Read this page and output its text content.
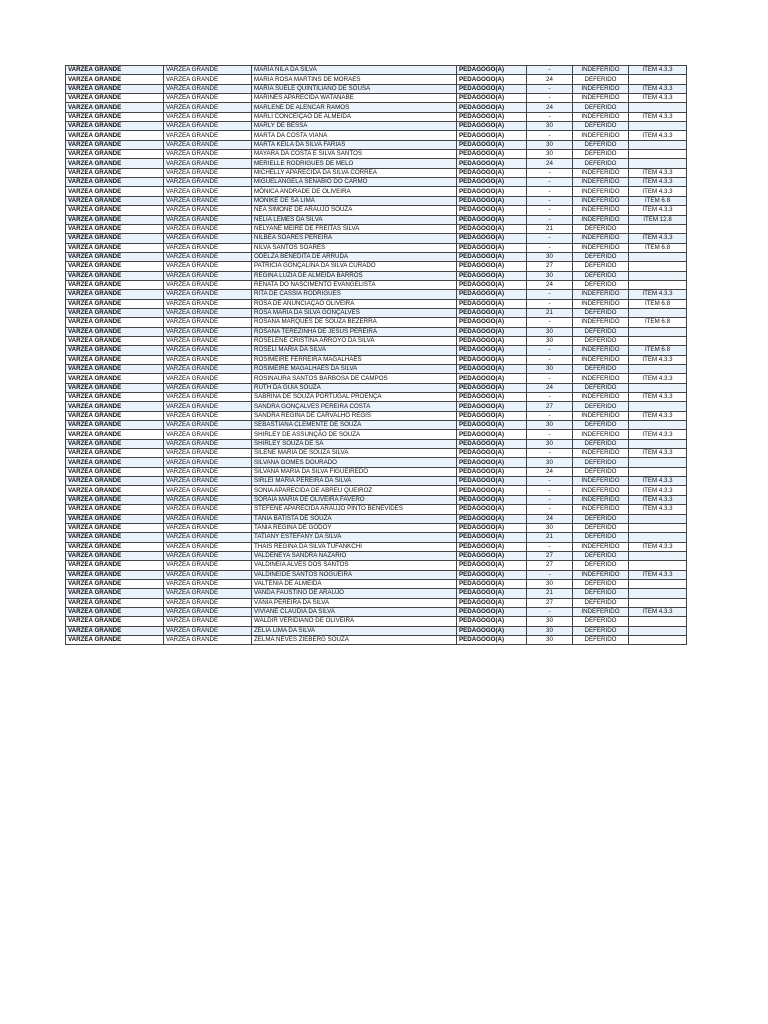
VARZEA GRANDE	VARZEA GRANDE	MARIA NILA DA SILVA	PEDAGOGO(A)	-	INDEFERIDO	ITEM 4.3.3
VARZEA GRANDE	VARZEA GRANDE	MARIA ROSA MARTINS DE MORAES	PEDAGOGO(A)	24	DEFERIDO	
VARZEA GRANDE	VARZEA GRANDE	MARIA SUELE QUINTILIANO DE SOUSA	PEDAGOGO(A)	-	INDEFERIDO	ITEM 4.3.3
VARZEA GRANDE	VARZEA GRANDE	MARINÊS APARECIDA WATANABE	PEDAGOGO(A)	-	INDEFERIDO	ITEM 4.3.3
VARZEA GRANDE	VARZEA GRANDE	MARLENE DE ALENCAR RAMOS	PEDAGOGO(A)	24	DEFERIDO	
VARZEA GRANDE	VARZEA GRANDE	MARLI CONCEIÇÃO DE ALMEIDA	PEDAGOGO(A)	-	INDEFERIDO	ITEM 4.3.3
VARZEA GRANDE	VARZEA GRANDE	MARLY DE BESSA	PEDAGOGO(A)	30	DEFERIDO	
VARZEA GRANDE	VARZEA GRANDE	MARTA DA COSTA VIANA	PEDAGOGO(A)	-	INDEFERIDO	ITEM 4.3.3
VARZEA GRANDE	VARZEA GRANDE	MARTA KEILA DA SILVA FARIAS	PEDAGOGO(A)	30	DEFERIDO	
VARZEA GRANDE	VARZEA GRANDE	MAYARA DA COSTA E SILVA SANTOS	PEDAGOGO(A)	30	DEFERIDO	
VARZEA GRANDE	VARZEA GRANDE	MERIELLE RODRIGUES DE MELO	PEDAGOGO(A)	24	DEFERIDO	
VARZEA GRANDE	VARZEA GRANDE	MICHELLY APARECIDA DA SILVA CORREA	PEDAGOGO(A)	-	INDEFERIDO	ITEM 4.3.3
VARZEA GRANDE	VARZEA GRANDE	MIGUELANGELA SENABIO DO CARMO	PEDAGOGO(A)	-	INDEFERIDO	ITEM 4.3.3
VARZEA GRANDE	VARZEA GRANDE	MÔNICA ANDRADE DE OLIVEIRA	PEDAGOGO(A)	-	INDEFERIDO	ITEM 4.3.3
VARZEA GRANDE	VARZEA GRANDE	MONIKE DE SÁ LIMA	PEDAGOGO(A)	-	INDEFERIDO	ITEM 6.8
VARZEA GRANDE	VARZEA GRANDE	NÉA SIMONE DE ARAUJO SOUZA	PEDAGOGO(A)	-	INDEFERIDO	ITEM 4.3.3
VARZEA GRANDE	VARZEA GRANDE	NELIA LEMES DA SILVA	PEDAGOGO(A)	-	INDEFERIDO	ITEM 12.8
VARZEA GRANDE	VARZEA GRANDE	NELYANE MEIRE DE FREITAS SILVA	PEDAGOGO(A)	21	DEFERIDO	
VARZEA GRANDE	VARZEA GRANDE	NILBEA SOARES PEREIRA	PEDAGOGO(A)	-	INDEFERIDO	ITEM 4.3.3
VARZEA GRANDE	VARZEA GRANDE	NILVA SANTOS SOARES	PEDAGOGO(A)	-	INDEFERIDO	ITEM 6.8
VARZEA GRANDE	VARZEA GRANDE	ODELZA BENEDITA DE ARRUDA	PEDAGOGO(A)	30	DEFERIDO	
VARZEA GRANDE	VARZEA GRANDE	PATRICIA GONÇALINA DA SILVA CURADO	PEDAGOGO(A)	27	DEFERIDO	
VARZEA GRANDE	VARZEA GRANDE	REGINA LUZIA DE ALMEIDA BARROS	PEDAGOGO(A)	30	DEFERIDO	
VARZEA GRANDE	VARZEA GRANDE	RENATA DO NASCIMENTO EVANGELISTA	PEDAGOGO(A)	24	DEFERIDO	
VARZEA GRANDE	VARZEA GRANDE	RITA DE CASSIA RODRIGUES	PEDAGOGO(A)	-	INDEFERIDO	ITEM 4.3.3
VARZEA GRANDE	VARZEA GRANDE	ROSA DE ANUNCIAÇÃO OLIVEIRA	PEDAGOGO(A)	-	INDEFERIDO	ITEM 6.8
VARZEA GRANDE	VARZEA GRANDE	ROSA MARIA DA SILVA GONÇALVES	PEDAGOGO(A)	21	DEFERIDO	
VARZEA GRANDE	VARZEA GRANDE	ROSANA MARQUES DE SOUZA BEZERRA	PEDAGOGO(A)	-	INDEFERIDO	ITEM 6.8
VARZEA GRANDE	VARZEA GRANDE	ROSANA TEREZINHA DE JESUS PEREIRA	PEDAGOGO(A)	30	DEFERIDO	
VARZEA GRANDE	VARZEA GRANDE	ROSELENE CRISTINA ARROYO DA SILVA	PEDAGOGO(A)	30	DEFERIDO	
VARZEA GRANDE	VARZEA GRANDE	ROSELI MARIA DA SILVA	PEDAGOGO(A)	-	INDEFERIDO	ITEM 6.8
VARZEA GRANDE	VARZEA GRANDE	ROSIMEIRE FERREIRA MAGALHÃES	PEDAGOGO(A)	-	INDEFERIDO	ITEM 4.3.3
VARZEA GRANDE	VARZEA GRANDE	ROSIMEIRE MAGALHÃES DA SILVA	PEDAGOGO(A)	30	DEFERIDO	
VARZEA GRANDE	VARZEA GRANDE	ROSINAURA SANTOS BARBOSA DE CAMPOS	PEDAGOGO(A)	-	INDEFERIDO	ITEM 4.3.3
VARZEA GRANDE	VARZEA GRANDE	RUTH DA GUIA SOUZA	PEDAGOGO(A)	24	DEFERIDO	
VARZEA GRANDE	VARZEA GRANDE	SABRINA DE SOUZA PORTUGAL PROENÇA	PEDAGOGO(A)	-	INDEFERIDO	ITEM 4.3.3
VARZEA GRANDE	VARZEA GRANDE	SANDRA GONÇALVES PEREIRA COSTA	PEDAGOGO(A)	27	DEFERIDO	
VARZEA GRANDE	VARZEA GRANDE	SANDRA REGINA DE CARVALHO REGIS	PEDAGOGO(A)	-	INDEFERIDO	ITEM 4.3.3
VARZEA GRANDE	VARZEA GRANDE	SEBASTIANA CLEMENTE DE SOUZA	PEDAGOGO(A)	30	DEFERIDO	
VARZEA GRANDE	VARZEA GRANDE	SHIRLEY DE ASSUNÇÃO DE SOUZA	PEDAGOGO(A)	-	INDEFERIDO	ITEM 4.3.3
VARZEA GRANDE	VARZEA GRANDE	SHIRLEY SOUZA DE SÁ	PEDAGOGO(A)	30	DEFERIDO	
VARZEA GRANDE	VARZEA GRANDE	SILENE MARIA DE SOUZA SILVA	PEDAGOGO(A)	-	INDEFERIDO	ITEM 4.3.3
VARZEA GRANDE	VARZEA GRANDE	SILVANA GOMES DOURADO	PEDAGOGO(A)	30	DEFERIDO	
VARZEA GRANDE	VARZEA GRANDE	SILVANA MARIA DA SILVA FIGUEIREDO	PEDAGOGO(A)	24	DEFERIDO	
VARZEA GRANDE	VARZEA GRANDE	SIRLEI MARIA PEREIRA DA SILVA	PEDAGOGO(A)	-	INDEFERIDO	ITEM 4.3.3
VARZEA GRANDE	VARZEA GRANDE	SONIA APARECIDA DE ABREU QUEIROZ	PEDAGOGO(A)	-	INDEFERIDO	ITEM 4.3.3
VARZEA GRANDE	VARZEA GRANDE	SORAIA MARIA DE OLIVEIRA FAVERO	PEDAGOGO(A)	-	INDEFERIDO	ITEM 4.3.3
VARZEA GRANDE	VARZEA GRANDE	STEFENE APARECIDA ARAUJO PINTO BENEVIDES	PEDAGOGO(A)	-	INDEFERIDO	ITEM 4.3.3
VARZEA GRANDE	VARZEA GRANDE	TÂNIA BATISTA DE SOUZA	PEDAGOGO(A)	24	DEFERIDO	
VARZEA GRANDE	VARZEA GRANDE	TANIA REGINA DE GODOY	PEDAGOGO(A)	30	DEFERIDO	
VARZEA GRANDE	VARZEA GRANDE	TATIANY ESTEFANY DA SILVA	PEDAGOGO(A)	21	DEFERIDO	
VARZEA GRANDE	VARZEA GRANDE	THAIS REGINA DA SILVA TUFANKCHI	PEDAGOGO(A)	-	INDEFERIDO	ITEM 4.3.3
VARZEA GRANDE	VARZEA GRANDE	VALDENEYA SANDRA NAZARIO	PEDAGOGO(A)	27	DEFERIDO	
VARZEA GRANDE	VARZEA GRANDE	VALDINEIA ALVES DOS SANTOS	PEDAGOGO(A)	27	DEFERIDO	
VARZEA GRANDE	VARZEA GRANDE	VALDINEIDE SANTOS NOGUEIRA	PEDAGOGO(A)	-	INDEFERIDO	ITEM 4.3.3
VARZEA GRANDE	VARZEA GRANDE	VALTENIA DE ALMEIDA	PEDAGOGO(A)	30	DEFERIDO	
VARZEA GRANDE	VARZEA GRANDE	VANDA FAUSTINO DE ARAUJO	PEDAGOGO(A)	21	DEFERIDO	
VARZEA GRANDE	VARZEA GRANDE	VÂNIA PEREIRA DA SILVA	PEDAGOGO(A)	27	DEFERIDO	
VARZEA GRANDE	VARZEA GRANDE	VIVIANE CLAUDIA DA SILVA	PEDAGOGO(A)	-	INDEFERIDO	ITEM 4.3.3
VARZEA GRANDE	VARZEA GRANDE	WALDIR VERIDIANO DE OLIVEIRA	PEDAGOGO(A)	30	DEFERIDO	
VARZEA GRANDE	VARZEA GRANDE	ZÉLIA LIMA DA SILVA	PEDAGOGO(A)	30	DEFERIDO	
VARZEA GRANDE	VARZEA GRANDE	ZELMA NEVES ZIEBERG SOUZA	PEDAGOGO(A)	30	DEFERIDO	
